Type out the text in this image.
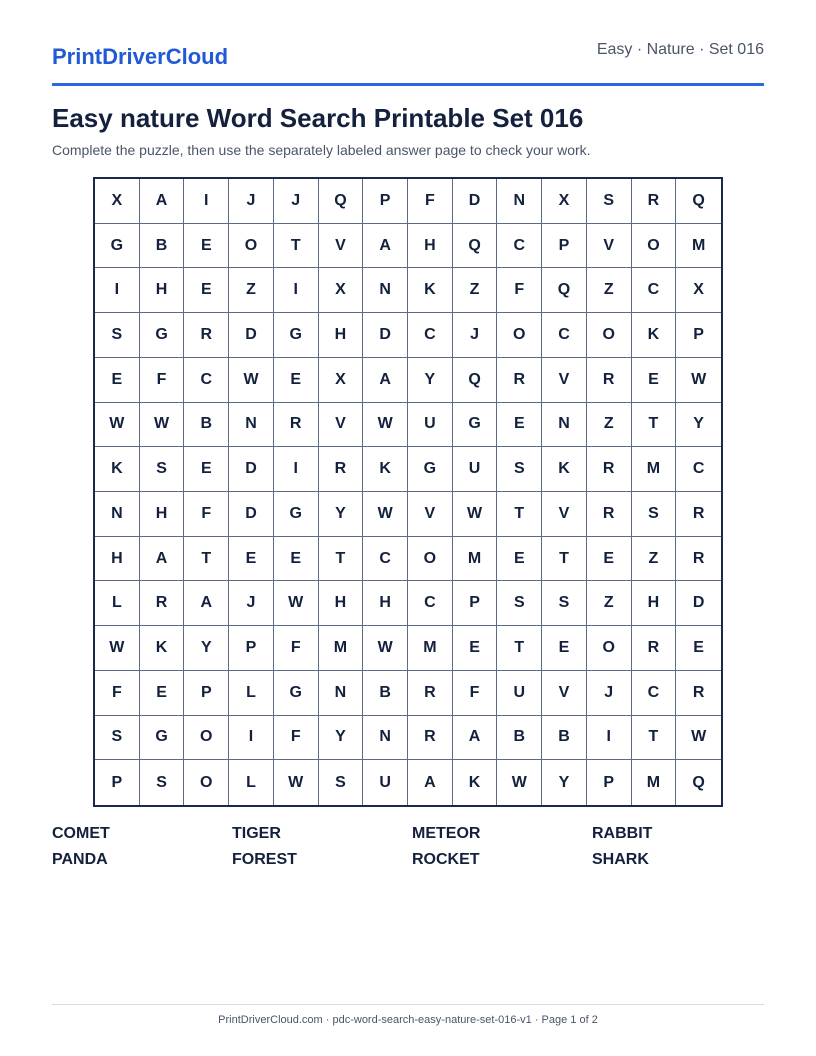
PrintDriverCloud	Easy · Nature · Set 016
Easy nature Word Search Printable Set 016
Complete the puzzle, then use the separately labeled answer page to check your work.
X	A	I	J	J	Q	P	F	D	N	X	S	R	Q
G	B	E	O	T	V	A	H	Q	C	P	V	O	M
I	H	E	Z	I	X	N	K	Z	F	Q	Z	C	X
S	G	R	D	G	H	D	C	J	O	C	O	K	P
E	F	C	W	E	X	A	Y	Q	R	V	R	E	W
W	W	B	N	R	V	W	U	G	E	N	Z	T	Y
K	S	E	D	I	R	K	G	U	S	K	R	M	C
N	H	F	D	G	Y	W	V	W	T	V	R	S	R
H	A	T	E	E	T	C	O	M	E	T	E	Z	R
L	R	A	J	W	H	H	C	P	S	S	Z	H	D
W	K	Y	P	F	M	W	M	E	T	E	O	R	E
F	E	P	L	G	N	B	R	F	U	V	J	C	R
S	G	O	I	F	Y	N	R	A	B	B	I	T	W
P	S	O	L	W	S	U	A	K	W	Y	P	M	Q
COMET	TIGER	METEOR	RABBIT
PANDA	FOREST	ROCKET	SHARK
PrintDriverCloud.com · pdc-word-search-easy-nature-set-016-v1 · Page 1 of 2
